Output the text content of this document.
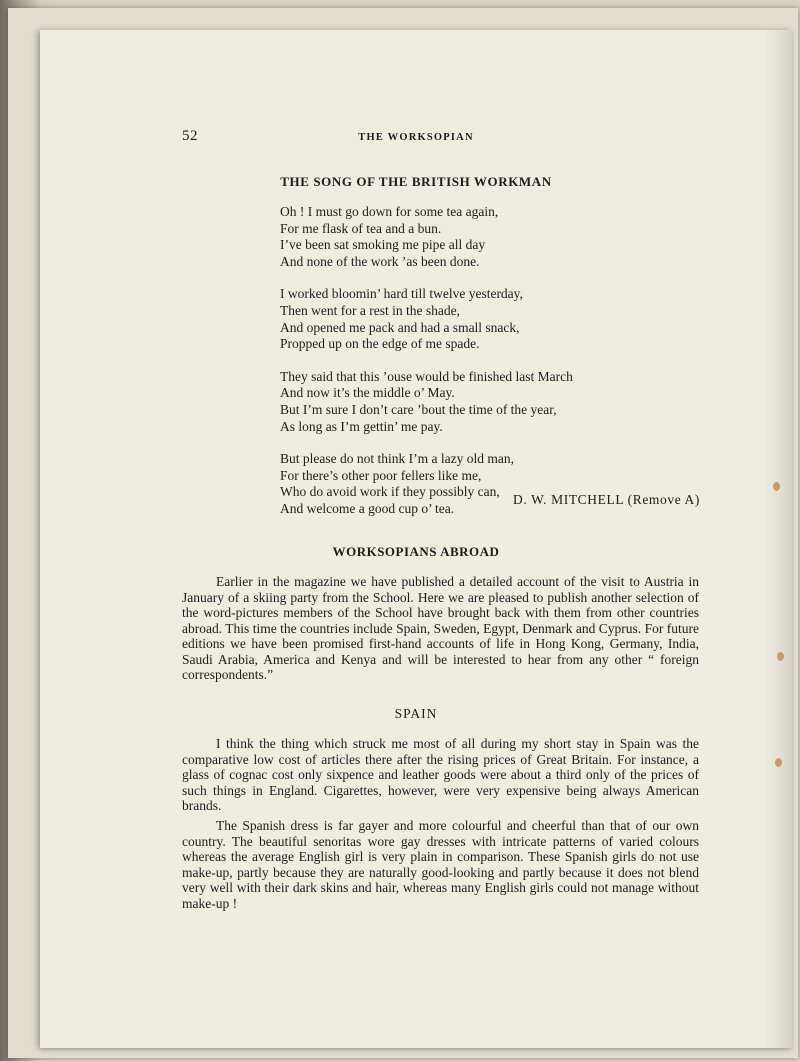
52	THE WORKSOPIAN
THE SONG OF THE BRITISH WORKMAN
Oh ! I must go down for some tea again,
For me flask of tea and a bun.
I’ve been sat smoking me pipe all day
And none of the work ’as been done.
I worked bloomin’ hard till twelve yesterday,
Then went for a rest in the shade,
And opened me pack and had a small snack,
Propped up on the edge of me spade.
They said that this ’ouse would be finished last March
And now it’s the middle o’ May.
But I’m sure I don’t care ’bout the time of the year,
As long as I’m gettin’ me pay.
But please do not think I’m a lazy old man,
For there’s other poor fellers like me,
Who do avoid work if they possibly can,
And welcome a good cup o’ tea.
D. W. MITCHELL (Remove A)
WORKSOPIANS ABROAD

Earlier in the magazine we have published a detailed account of the visit to Austria in January of a skiing party from the School. Here we are pleased to publish another selection of the word-pictures members of the School have brought back with them from other countries abroad. This time the countries include Spain, Sweden, Egypt, Denmark and Cyprus. For future editions we have been promised first-hand accounts of life in Hong Kong, Germany, India, Saudi Arabia, America and Kenya and will be interested to hear from any other “ foreign correspondents.”

SPAIN

I think the thing which struck me most of all during my short stay in Spain was the comparative low cost of articles there after the rising prices of Great Britain. For instance, a glass of cognac cost only sixpence and leather goods were about a third only of the prices of such things in England. Cigarettes, however, were very expensive being always American brands.

The Spanish dress is far gayer and more colourful and cheerful than that of our own country. The beautiful senoritas wore gay dresses with intricate patterns of varied colours whereas the average English girl is very plain in comparison. These Spanish girls do not use make-up, partly because they are naturally good-looking and partly because it does not blend very well with their dark skins and hair, whereas many English girls could not manage without make-up !
